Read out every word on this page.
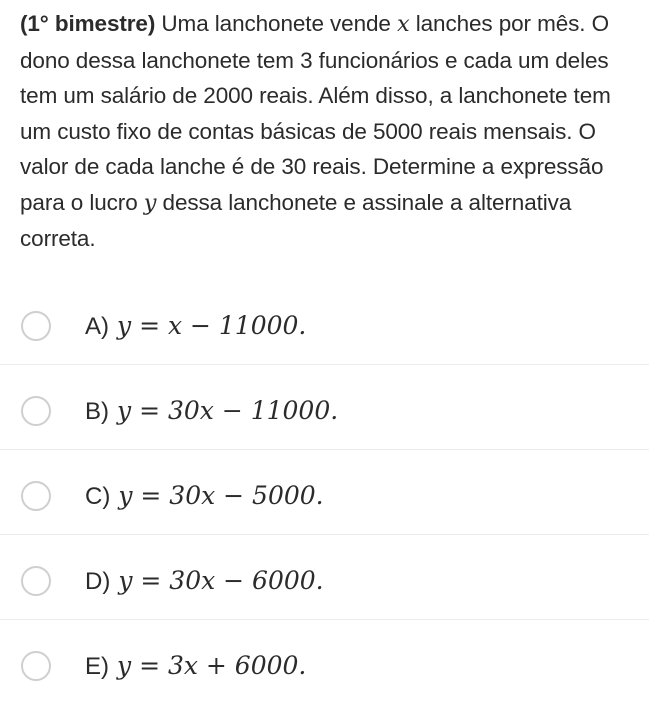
(1° bimestre) Uma lanchonete vende x lanches por mês. O dono dessa lanchonete tem 3 funcionários e cada um deles tem um salário de 2000 reais. Além disso, a lanchonete tem um custo fixo de contas básicas de 5000 reais mensais. O valor de cada lanche é de 30 reais. Determine a expressão para o lucro y dessa lanchonete e assinale a alternativa correta.
A) y = x − 11000.
B) y = 30x − 11000.
C) y = 30x − 5000.
D) y = 30x − 6000.
E) y = 3x + 6000.
